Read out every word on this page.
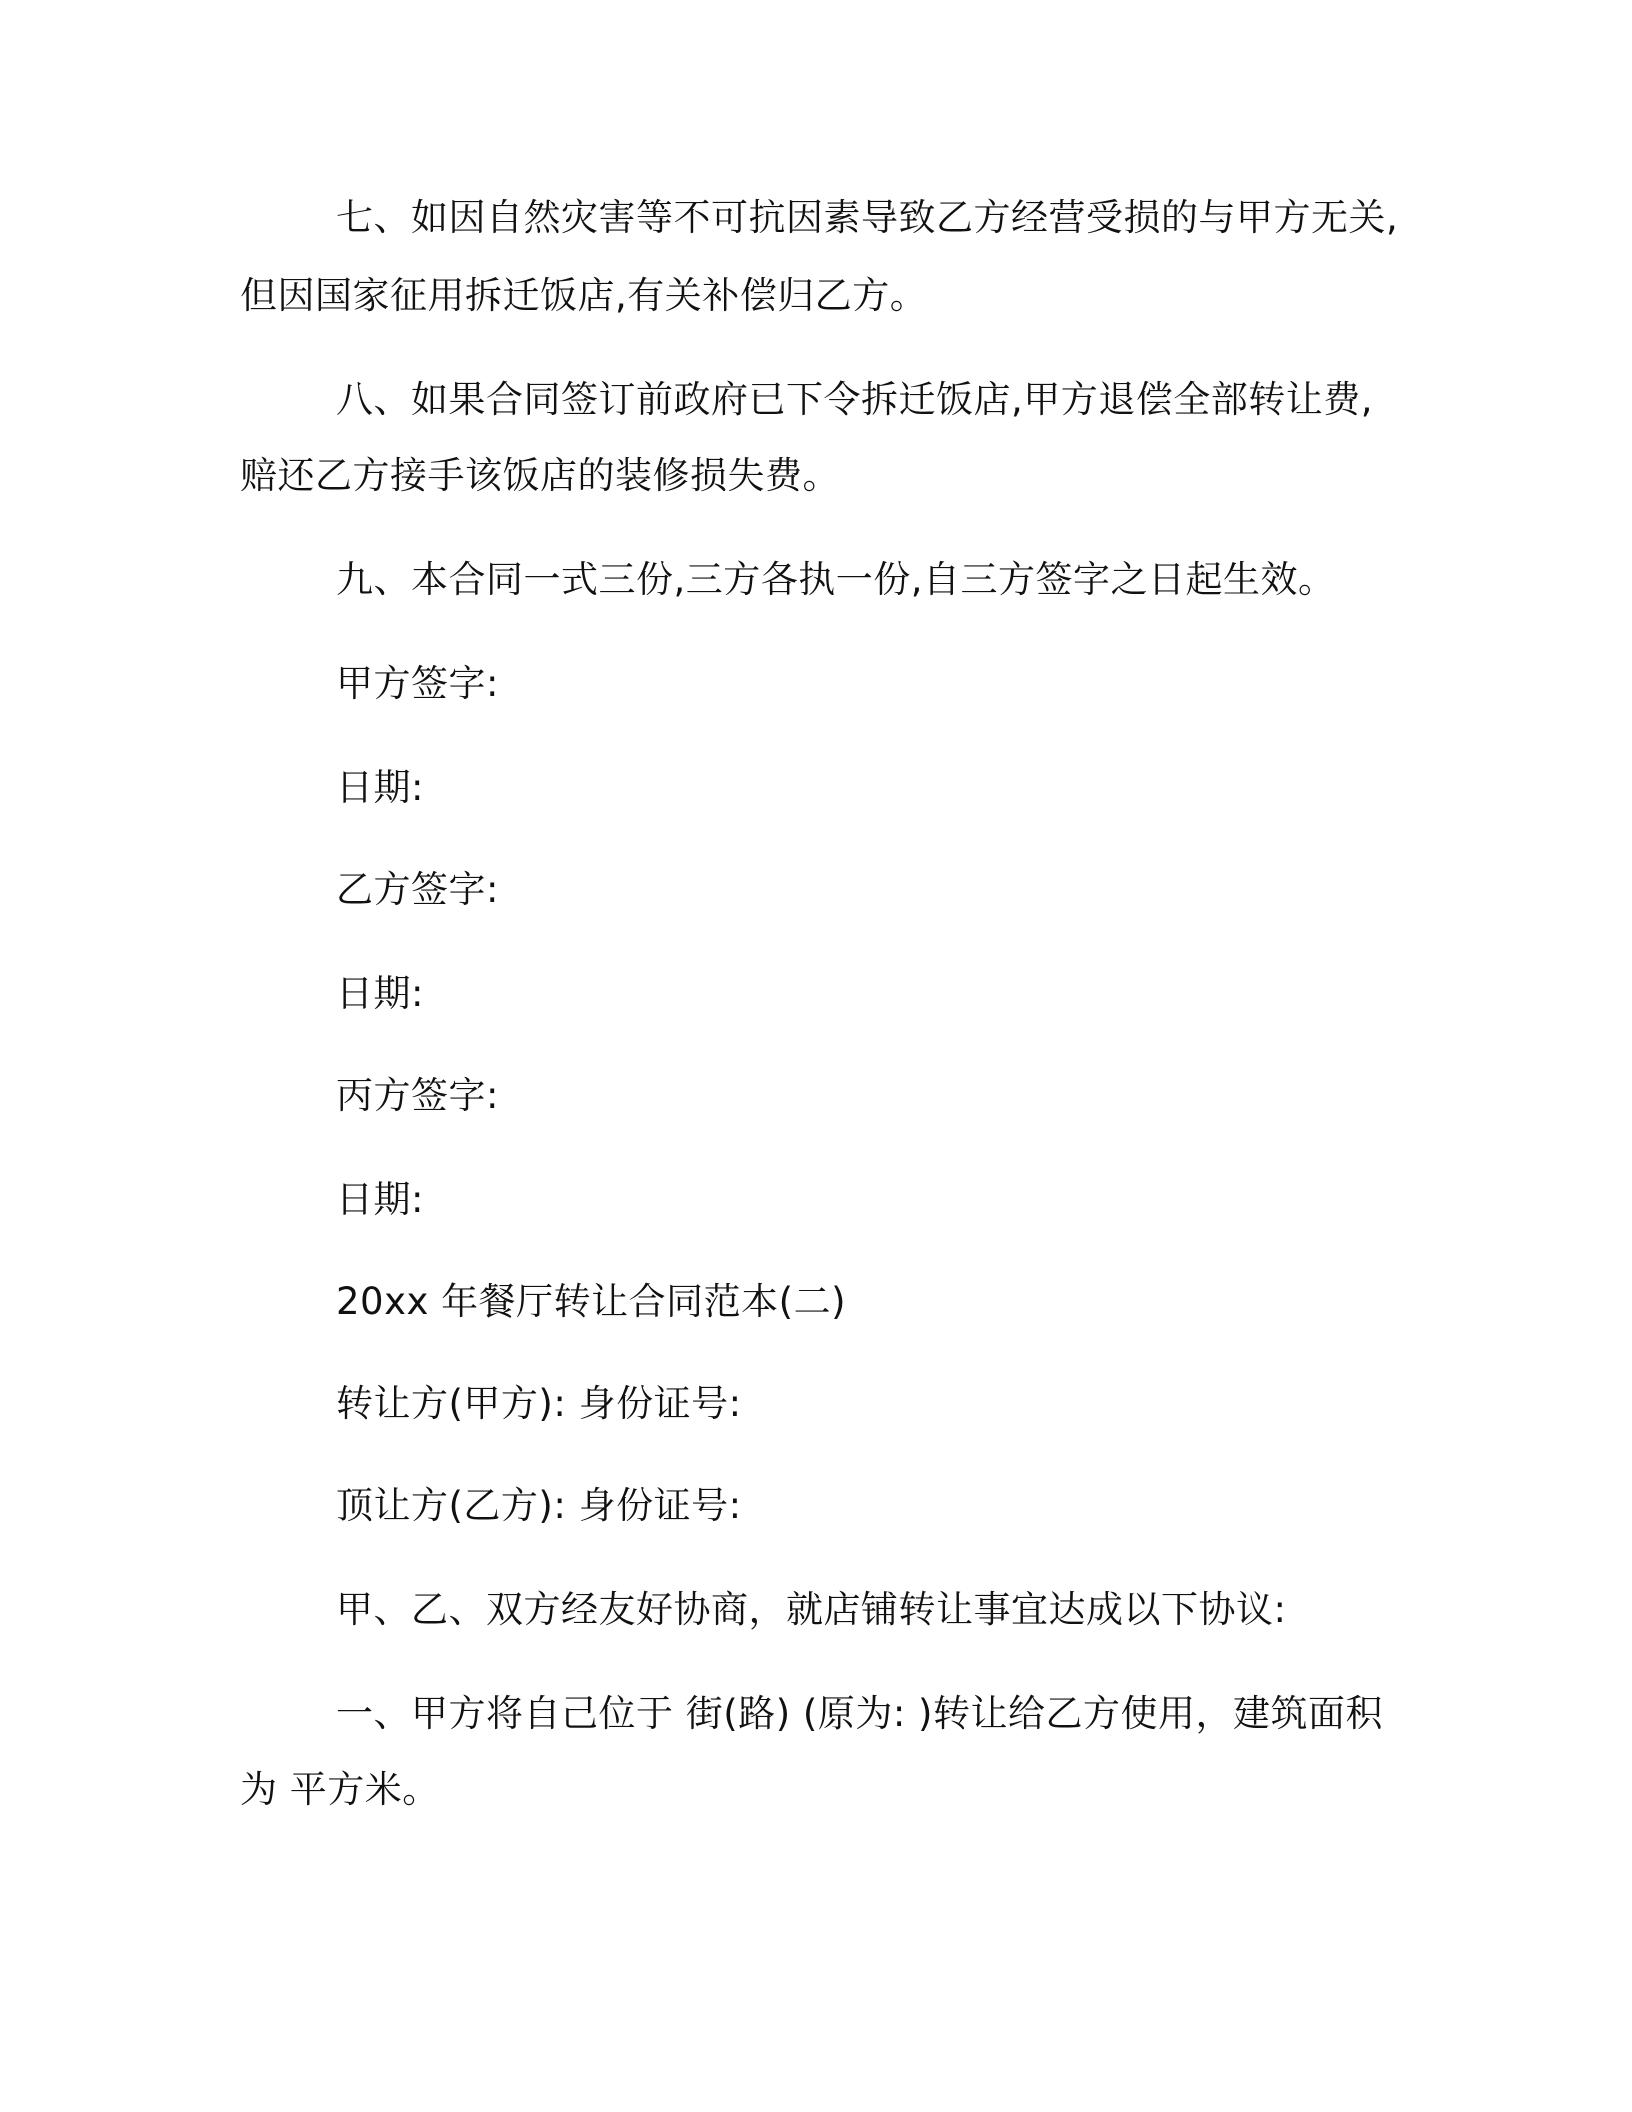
七、如因自然灾害等不可抗因素导致乙方经营受损的与甲方无关,

但因国家征用拆迁饭店,有关补偿归乙方。

八、如果合同签订前政府已下令拆迁饭店,甲方退偿全部转让费,

赔还乙方接手该饭店的装修损失费。

九、本合同一式三份,三方各执一份,自三方签字之日起生效。

甲方签字:

日期:

乙方签字:

日期:

丙方签字:

日期:

20xx 年餐厅转让合同范本(二)

转让方(甲方): 身份证号:

顶让方(乙方): 身份证号:

甲、乙、双方经友好协商，就店铺转让事宜达成以下协议:

一、甲方将自己位于 街(路) (原为: )转让给乙方使用，建筑面积

为 平方米。
